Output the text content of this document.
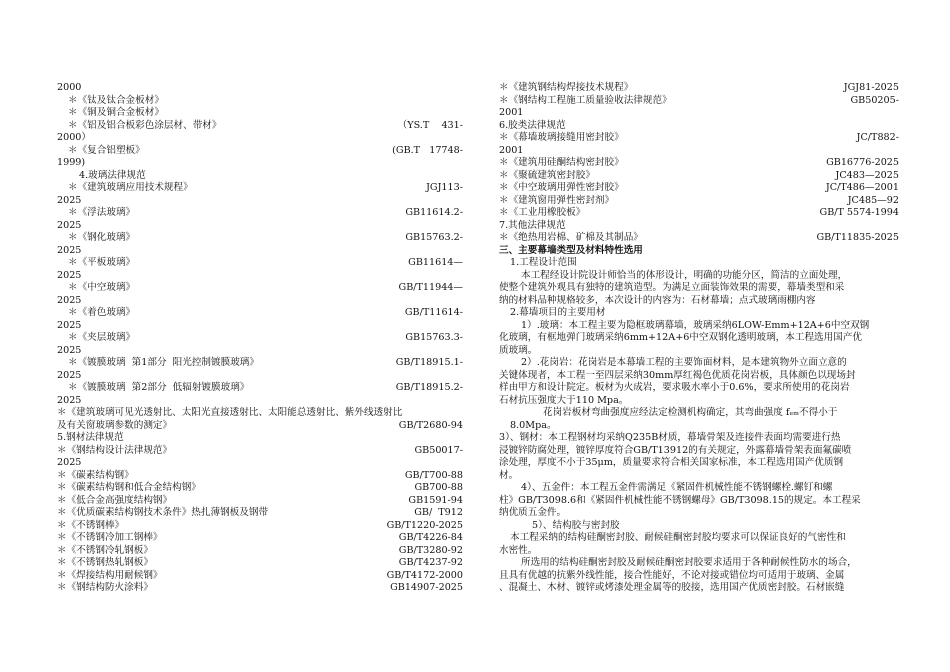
2000
＊《钛及钛合金板材》
＊《铜及铜合金板材》
＊《铝及铝合板彩色涂层材、带材》	（YS.T    431-
2000）
＊《复合铝塑板》	(GB.T   17748-
1999)
4.玻璃法律规范
＊《建筑玻璃应用技术规程》	JGJ113-
2025
＊《浮法玻璃》	GB11614.2-
2025
＊《钢化玻璃》	GB15763.2-
2025
＊《平板玻璃》	GB11614—
2025
＊《中空玻璃》	GB/T11944—
2025
＊《着色玻璃》	GB/T11614-
2025
＊《夹层玻璃》	GB15763.3-
2025
＊《镀膜玻璃  第1部分  阳光控制镀膜玻璃》	GB/T18915.1-
2025
＊《镀膜玻璃  第2部分  低辐射镀膜玻璃》	GB/T18915.2-
2025
＊《建筑玻璃可见光透射比、太阳光直接透射比、太阳能总透射比、紫外线透射比
及有关窗玻璃参数的测定》	GB/T2680-94
5.钢材法律规范
＊《钢结构设计法律规范》	GB50017-
2025
＊《碳素结构钢》	GB/T700-88
＊《碳素结构钢和低合金结构钢》	GB700-88
＊《低合金高强度结构钢》	GB1591-94
＊《优质碳素结构钢技术条件》热扎薄钢板及钢带	GB/  T912
＊《不锈钢棒》	GB/T1220-2025
＊《不锈钢冷加工钢棒》	GB/T4226-84
＊《不锈钢冷轧钢板》	GB/T3280-92
＊《不锈钢热轧钢板》	GB/T4237-92
＊《焊接结构用耐候钢》	GB/T4172-2000
＊《钢结构防火涂料》	GB14907-2025
＊《建筑钢结构焊接技术规程》	JGJ81-2025
＊《钢结构工程施工质量验收法律规范》	GB50205-
2001
6.胶类法律规范
＊《幕墙玻璃接缝用密封胶》	JC/T882-
2001
＊《建筑用硅酮结构密封胶》	GB16776-2025
＊《聚硫建筑密封胶》	JC483—2025
＊《中空玻璃用弹性密封胶》	JC/T486—2001
＊《建筑窗用弹性密封剂》	JC485—92
＊《工业用橡胶板》	GB/T 5574-1994
7.其他法律规范
＊《绝热用岩棉、矿棉及其制品》	GB/T11835-2025
三、主要幕墙类型及材料特性选用
1.工程设计范围
本工程经设计院设计师恰当的体形设计，明确的功能分区，简洁的立面处理，
使整个建筑外观具有独特的建筑造型。为满足立面装饰效果的需要，幕墙类型和采
纳的材料品种规格较多，本次设计的内容为：石材幕墙；点式玻璃雨棚内容
2.幕墙项目的主要用材
1）.玻璃：本工程主要为隐框玻璃幕墙，玻璃采纳6LOW-Emm+12A+6中空双钢
化玻璃，有框地弹门玻璃采纳6mm+12A+6中空双钢化透明玻璃，本工程选用国产优
质玻璃。
2）.花岗岩：花岗岩是本幕墙工程的主要饰面材料，是本建筑物外立面立意的
关键体现者，本工程一至四层采纳30mm厚红褐色优质花岗岩板，具体颜色以现场封
样由甲方和设计院定。板材为火成岩，要求吸水率小于0.6%，要求所使用的花岗岩
石材抗压强度大于110 Mpa。
花岗岩板材弯曲强度应经法定检测机构确定，其弯曲强度 fₑₘ不得小于
8.0Mpa。
3）、钢材：本工程钢材均采纳Q235B材质，幕墙骨架及连接件表面均需要进行热
浸镀锌防腐处理，镀锌厚度符合GB/T13912的有关规定，外露幕墙骨架表面氟碳喷
涂处理，厚度不小于35μm，质量要求符合相关国家标准，本工程选用国产优质钢
材。
4）、五金件：本工程五金件需满足《紧固件机械性能不锈钢螺栓.螺钉和螺
柱》GB/T3098.6和《紧固件机械性能不锈钢螺母》GB/T3098.15的规定。本工程采
纳优质五金件。
5）、结构胶与密封胶
本工程采纳的结构硅酮密封胶、耐候硅酮密封胶均要求可以保证良好的气密性和
水密性。
所选用的结构硅酮密封胶及耐候硅酮密封胶要求适用于各种耐候性防水的场合，
且具有优越的抗紫外线性能，接合性能好，不论对接或错位均可适用于玻璃、金属
、混凝土、木材、镀锌或烤漆处理金属等的胶接，选用国产优质密封胶。石材嵌缝
